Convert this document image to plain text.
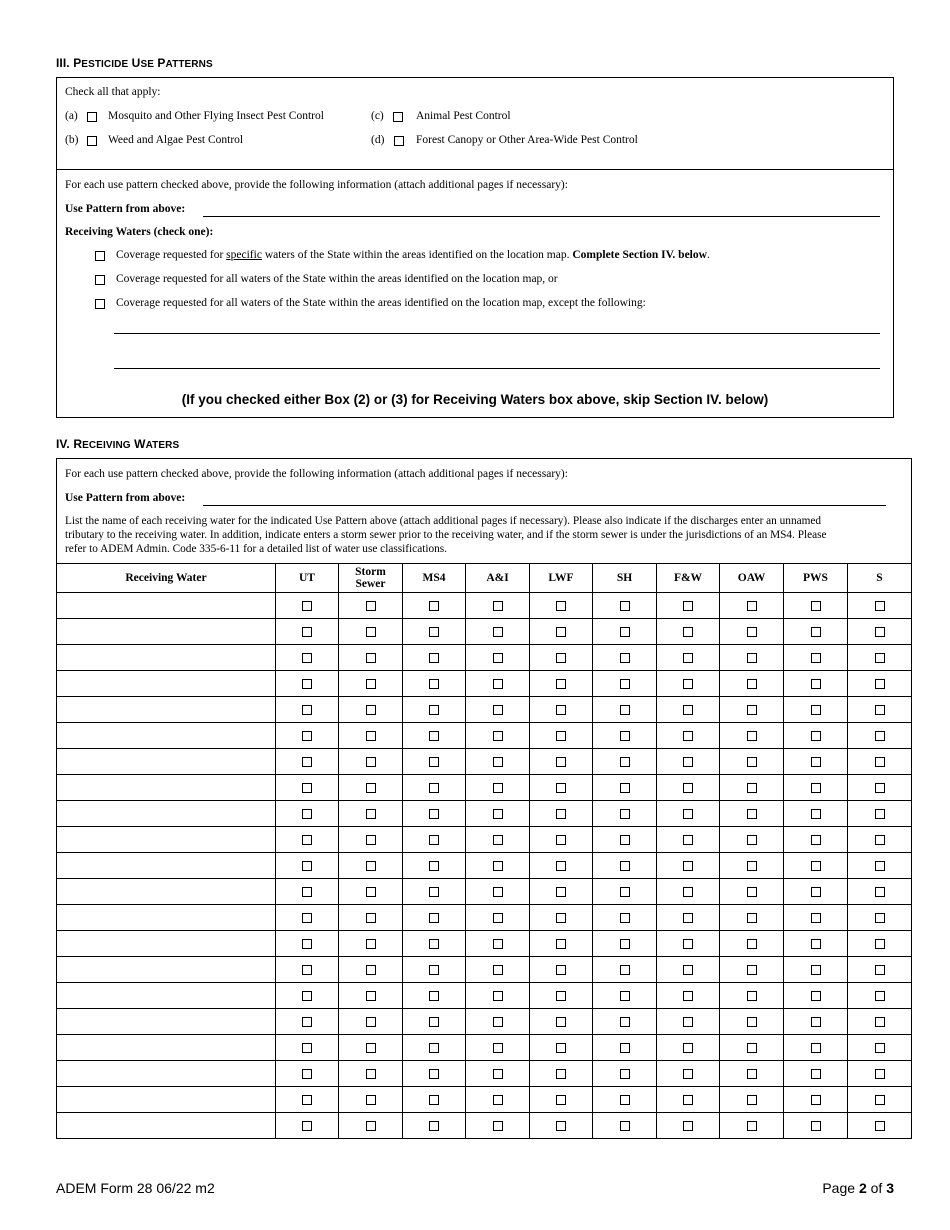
III. PESTICIDE USE PATTERNS
Check all that apply:
(a)	Mosquito and Other Flying Insect Pest Control
(b)	Weed and Algae Pest Control
(c)	Animal Pest Control
(d)	Forest Canopy or Other Area-Wide Pest Control
For each use pattern checked above, provide the following information (attach additional pages if necessary):
Use Pattern from above:
Receiving Waters (check one):
Coverage requested for specific waters of the State within the areas identified on the location map. Complete Section IV. below.
Coverage requested for all waters of the State within the areas identified on the location map, or
Coverage requested for all waters of the State within the areas identified on the location map, except the following:
(If you checked either Box (2) or (3) for Receiving Waters box above, skip Section IV. below)
IV. RECEIVING WATERS
For each use pattern checked above, provide the following information (attach additional pages if necessary):
Use Pattern from above:
List the name of each receiving water for the indicated Use Pattern above (attach additional pages if necessary). Please also indicate if the discharges enter an unnamed
tributary to the receiving water. In addition, indicate enters a storm sewer prior to the receiving water, and if the storm sewer is under the jurisdictions of an MS4. Please
refer to ADEM Admin. Code 335-6-11 for a detailed list of water use classifications.
Receiving Water	UT	Storm Sewer	MS4	A&I	LWF	SH	F&W	OAW	PWS	S

ADEM Form 28 06/22 m2	Page 2 of 3
